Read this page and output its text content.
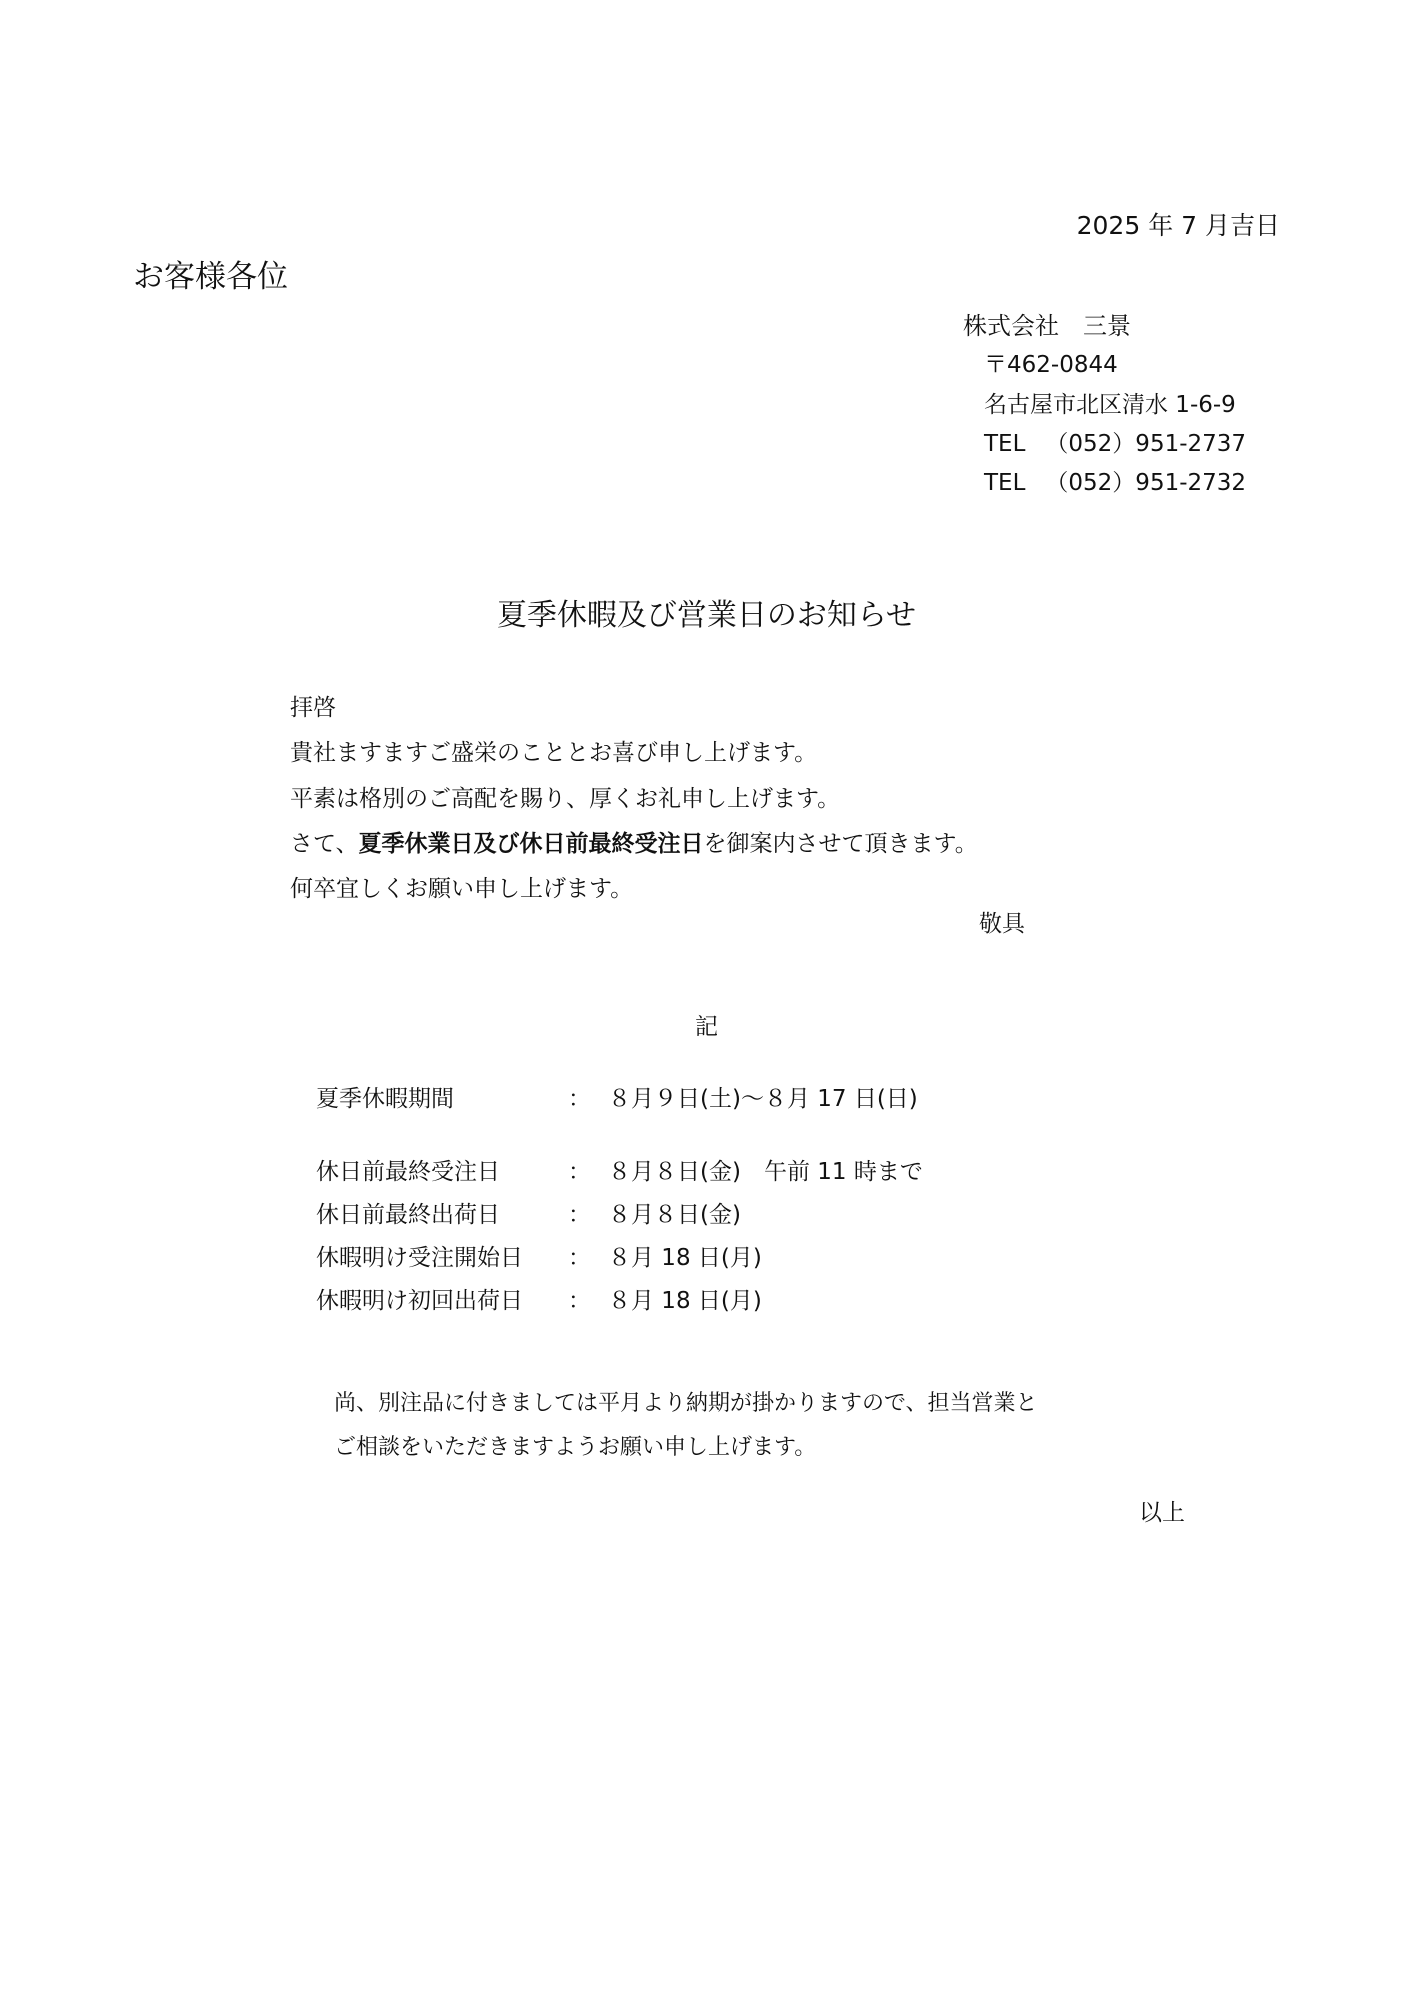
2025 年 7 月吉日
お客様各位
株式会社　三景
〒462-0844
名古屋市北区清水 1-6-9
TEL （052）951-2737
TEL （052）951-2732
夏季休暇及び営業日のお知らせ
拝啓
貴社ますますご盛栄のこととお喜び申し上げます。
平素は格別のご高配を賜り、厚くお礼申し上げます。
さて、夏季休業日及び休日前最終受注日を御案内させて頂きます。
何卒宜しくお願い申し上げます。
敬具
記
夏季休暇期間	： ８月９日(土)～８月 17 日(日)
休日前最終受注日	： ８月８日(金)　午前 11 時まで
休日前最終出荷日	： ８月８日(金)
休暇明け受注開始日 ： ８月 18 日(月)
休暇明け初回出荷日 ： ８月 18 日(月)
尚、別注品に付きましては平月より納期が掛かりますので、担当営業と
ご相談をいただきますようお願い申し上げます。
以上
